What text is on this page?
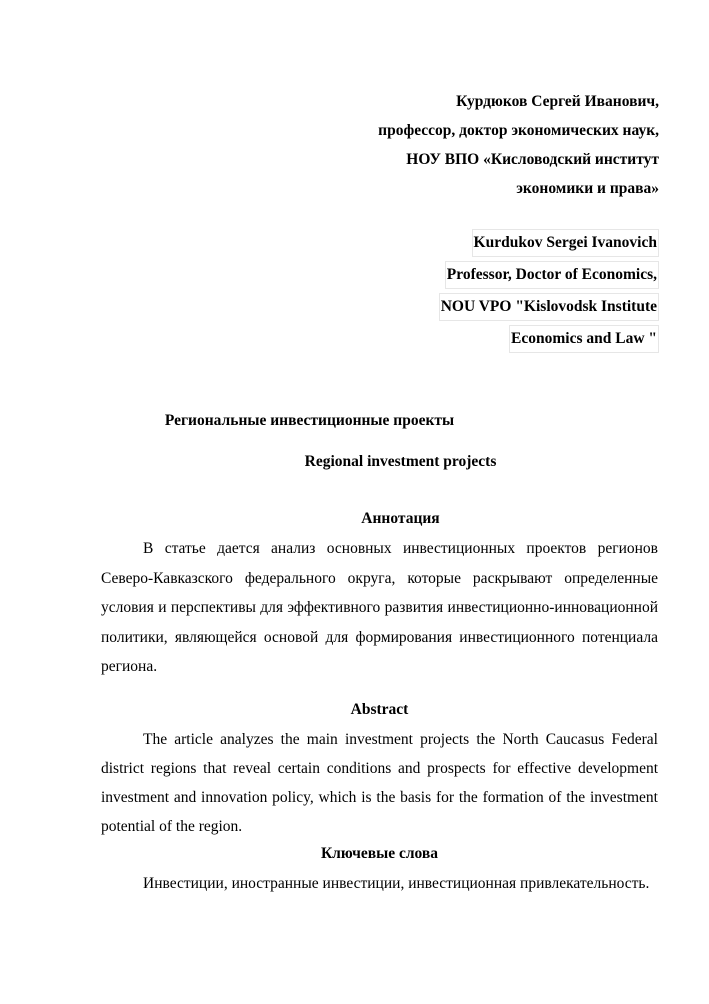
Курдюков Сергей Иванович,
профессор, доктор экономических наук,
НОУ ВПО «Кисловодский институт
экономики и права»
Kurdukov Sergei Ivanovich
Professor, Doctor of Economics,
NOU VPO "Kislovodsk Institute
Economics and Law "
Региональные инвестиционные проекты
Regional investment projects
Аннотация
В статье дается анализ основных инвестиционных проектов регионов Северо-Кавказского федерального округа, которые раскрывают определенные условия и перспективы для эффективного развития инвестиционно-инновационной политики, являющейся основой для формирования инвестиционного потенциала региона.
Abstract
The article analyzes the main investment projects the North Caucasus Federal district regions that reveal certain conditions and prospects for effective development investment and innovation policy, which is the basis for the formation of the investment potential of the region.
Ключевые слова
Инвестиции, иностранные инвестиции, инвестиционная привлекательность.
